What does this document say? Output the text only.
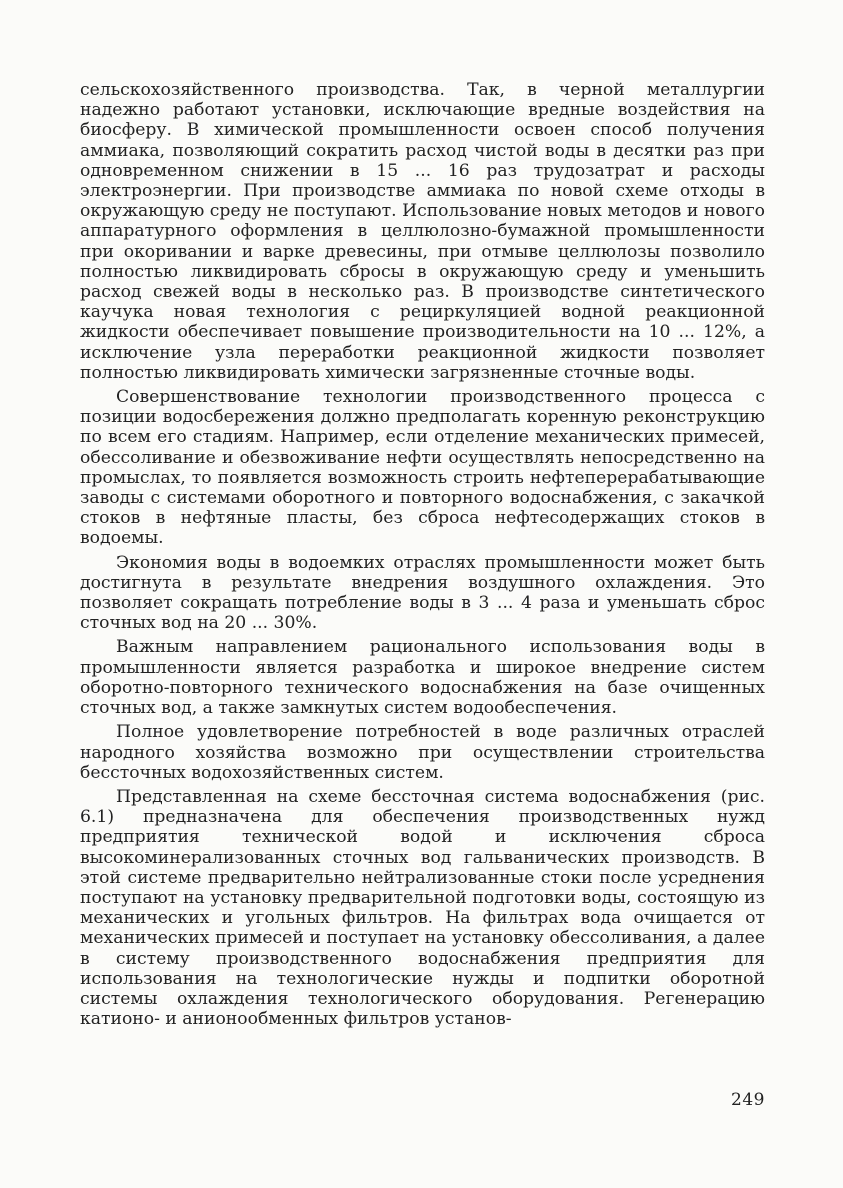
сельскохозяйственного производства. Так, в черной металлургии надежно работают установки, исключающие вредные воздействия на биосферу. В химической промышленности освоен способ получения аммиака, позволяющий сократить расход чистой воды в десятки раз при одновременном снижении в 15 ... 16 раз трудозатрат и расходы электроэнергии. При производстве аммиака по новой схеме отходы в окружающую среду не поступают. Использование новых методов и нового аппаратурного оформления в целлюлозно-бумажной промышленности при окоривании и варке древесины, при отмыве целлюлозы позволило полностью ликвидировать сбросы в окружающую среду и уменьшить расход свежей воды в несколько раз. В производстве синтетического каучука новая технология с рециркуляцией водной реакционной жидкости обеспечивает повышение производительности на 10 ... 12%, а исключение узла переработки реакционной жидкости позволяет полностью ликвидировать химически загрязненные сточные воды.

Совершенствование технологии производственного процесса с позиции водосбережения должно предполагать коренную реконструкцию по всем его стадиям. Например, если отделение механических примесей, обессоливание и обезвоживание нефти осуществлять непосредственно на промыслах, то появляется возможность строить нефтеперерабатывающие заводы с системами оборотного и повторного водоснабжения, с закачкой стоков в нефтяные пласты, без сброса нефтесодержащих стоков в водоемы.

Экономия воды в водоемких отраслях промышленности может быть достигнута в результате внедрения воздушного охлаждения. Это позволяет сокращать потребление воды в 3 ... 4 раза и уменьшать сброс сточных вод на 20 ... 30%.

Важным направлением рационального использования воды в промышленности является разработка и широкое внедрение систем оборотно-повторного технического водоснабжения на базе очищенных сточных вод, а также замкнутых систем водообеспечения.

Полное удовлетворение потребностей в воде различных отраслей народного хозяйства возможно при осуществлении строительства бессточных водохозяйственных систем.

Представленная на схеме бессточная система водоснабжения (рис. 6.1) предназначена для обеспечения производственных нужд предприятия технической водой и исключения сброса высокоминерализованных сточных вод гальванических производств. В этой системе предварительно нейтрализованные стоки после усреднения поступают на установку предварительной подготовки воды, состоящую из механических и угольных фильтров. На фильтрах вода очищается от механических примесей и поступает на установку обессоливания, а далее в систему производственного водоснабжения предприятия для использования на технологические нужды и подпитки оборотной системы охлаждения технологического оборудования. Регенерацию катионо- и анионообменных фильтров установ-

249
